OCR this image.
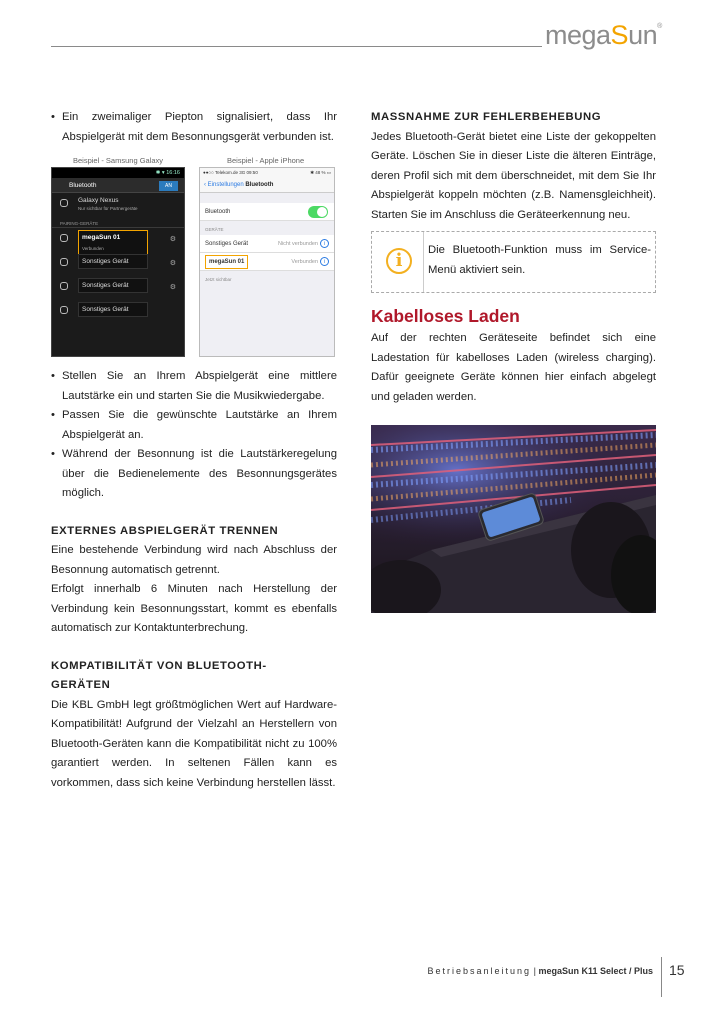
megaSun®
• Ein zweimaliger Piepton signalisiert, dass Ihr Abspielgerät mit dem Besonnungsgerät verbunden ist.
Beispiel - Samsung Galaxy	Beispiel - Apple iPhone
✱ ▾ 16:16
Bluetooth	AN
Galaxy Nexus
Nur sichtbar für Partnergeräte
PAIRING-GERÄTE
megaSun 01
Verbunden
⚙
Sonstiges Gerät	⚙
Sonstiges Gerät	⚙
Sonstiges Gerät
●●○○ Telekom.de 3G 09:50	✱ 48 % ▭
‹ Einstellungen Bluetooth
Bluetooth
GERÄTE
Sonstiges Gerät	Nicht verbunden	i
megaSun 01	Verbunden	i
Jetzt sichtbar
• Stellen Sie an Ihrem Abspielgerät eine mittlere Lautstärke ein und starten Sie die Musikwiedergabe.
• Passen Sie die gewünschte Lautstärke an Ihrem Abspielgerät an.
• Während der Besonnung ist die Lautstärkeregelung über die Bedienelemente des Besonnungsgerätes möglich.
EXTERNES ABSPIELGERÄT TRENNEN
Eine bestehende Verbindung wird nach Abschluss der Besonnung automatisch getrennt.
Erfolgt innerhalb 6 Minuten nach Herstellung der Verbindung kein Besonnungsstart, kommt es ebenfalls automatisch zur Kontaktunterbrechung.
KOMPATIBILITÄT VON BLUETOOTH-GERÄTEN
Die KBL GmbH legt größtmöglichen Wert auf Hardware-Kompatibilität! Aufgrund der Vielzahl an Herstellern von Bluetooth-Geräten kann die Kompatibilität nicht zu 100% garantiert werden. In seltenen Fällen kann es vorkommen, dass sich keine Verbindung herstellen lässt.
MASSNAHME ZUR FEHLERBEHEBUNG
Jedes Bluetooth-Gerät bietet eine Liste der gekoppelten Geräte. Löschen Sie in dieser Liste die älteren Einträge, deren Profil sich mit dem überschneidet, mit dem Sie Ihr Abspielgerät koppeln möchten (z.B. Namensgleichheit). Starten Sie im Anschluss die Geräteerkennung neu.
i	Die Bluetooth-Funktion muss im Service-Menü aktiviert sein.
Kabelloses Laden
Auf der rechten Geräteseite befindet sich eine Ladestation für kabelloses Laden (wireless charging). Dafür geeignete Geräte können hier einfach abgelegt und geladen werden.
Betriebsanleitung | megaSun K11 Select / Plus 15
